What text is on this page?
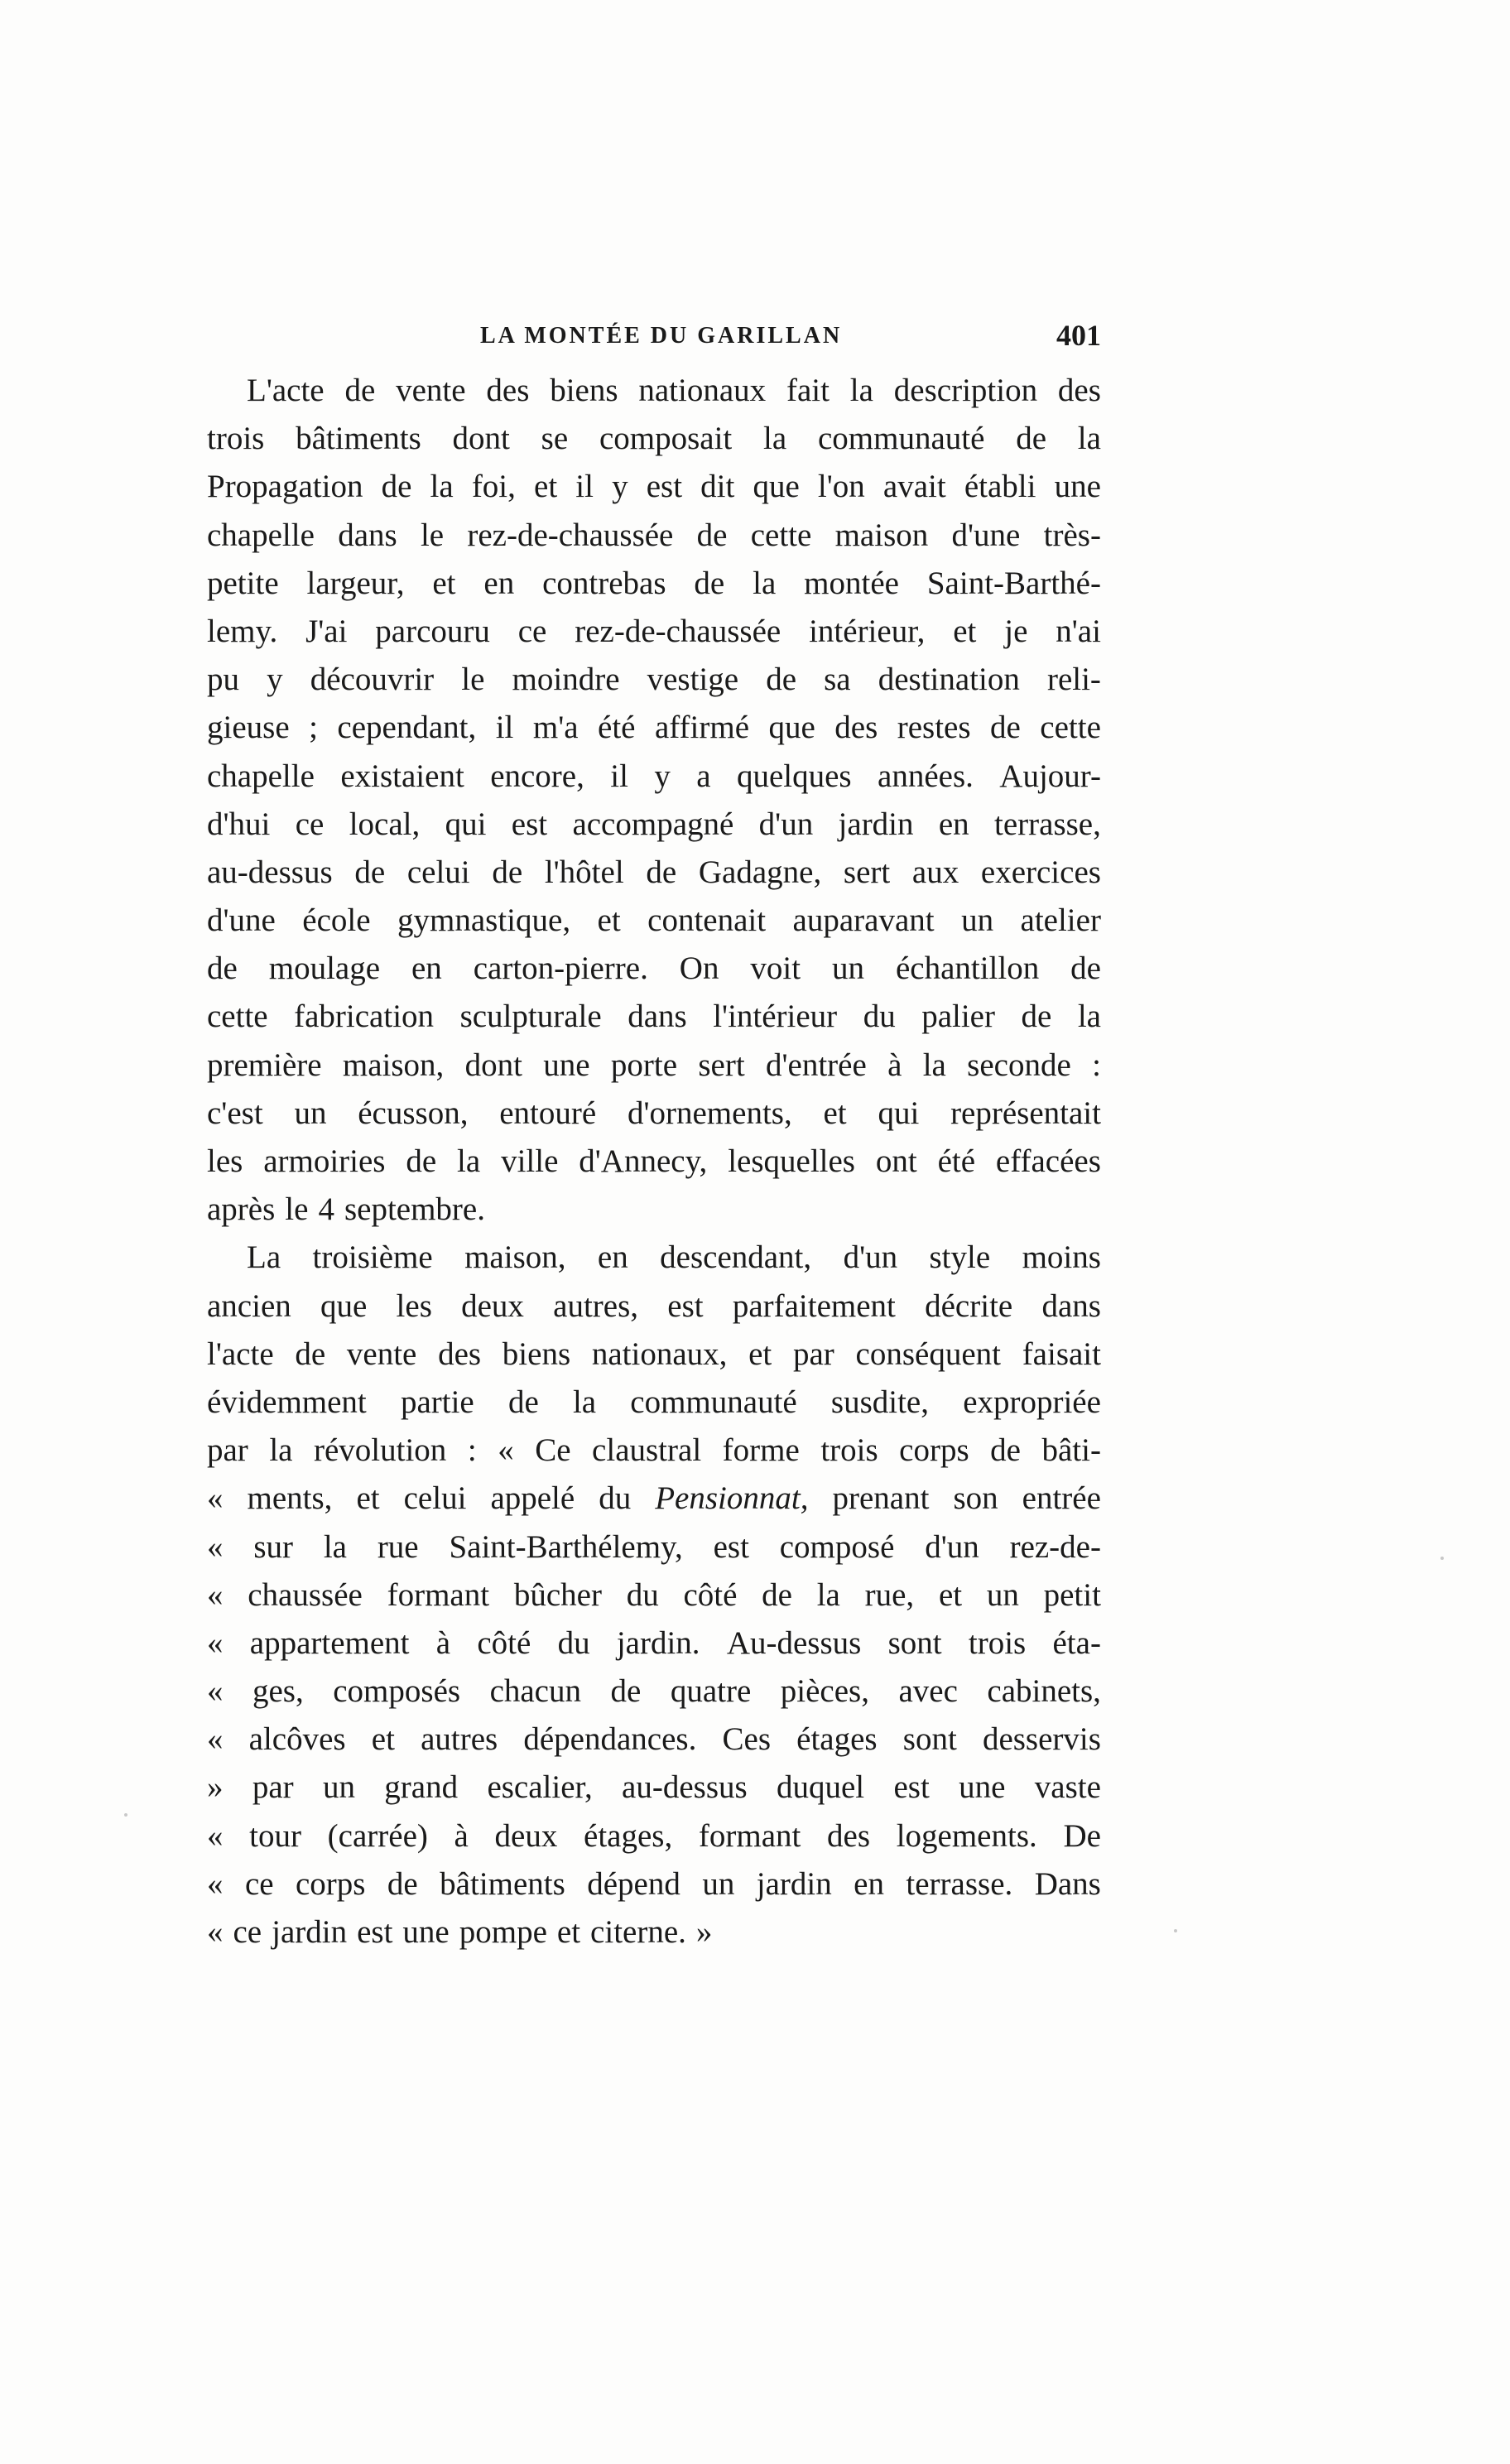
LA MONTÉE DU GARILLAN	401
L'acte de vente des biens nationaux fait la description des
trois bâtiments dont se composait la communauté de la
Propagation de la foi, et il y est dit que l'on avait établi une
chapelle dans le rez-de-chaussée de cette maison d'une très-
petite largeur, et en contrebas de la montée Saint-Barthé-
lemy. J'ai parcouru ce rez-de-chaussée intérieur, et je n'ai
pu y découvrir le moindre vestige de sa destination reli-
gieuse ; cependant, il m'a été affirmé que des restes de cette
chapelle existaient encore, il y a quelques années. Aujour-
d'hui ce local, qui est accompagné d'un jardin en terrasse,
au-dessus de celui de l'hôtel de Gadagne, sert aux exercices
d'une école gymnastique, et contenait auparavant un atelier
de moulage en carton-pierre. On voit un échantillon de
cette fabrication sculpturale dans l'intérieur du palier de la
première maison, dont une porte sert d'entrée à la seconde :
c'est un écusson, entouré d'ornements, et qui représentait
les armoiries de la ville d'Annecy, lesquelles ont été effacées
après le 4 septembre.
La troisième maison, en descendant, d'un style moins
ancien que les deux autres, est parfaitement décrite dans
l'acte de vente des biens nationaux, et par conséquent faisait
évidemment partie de la communauté susdite, expropriée
par la révolution : « Ce claustral forme trois corps de bâti-
« ments, et celui appelé du Pensionnat, prenant son entrée
« sur la rue Saint-Barthélemy, est composé d'un rez-de-
« chaussée formant bûcher du côté de la rue, et un petit
« appartement à côté du jardin. Au-dessus sont trois éta-
« ges, composés chacun de quatre pièces, avec cabinets,
« alcôves et autres dépendances. Ces étages sont desservis
» par un grand escalier, au-dessus duquel est une vaste
« tour (carrée) à deux étages, formant des logements. De
« ce corps de bâtiments dépend un jardin en terrasse. Dans
« ce jardin est une pompe et citerne. »
